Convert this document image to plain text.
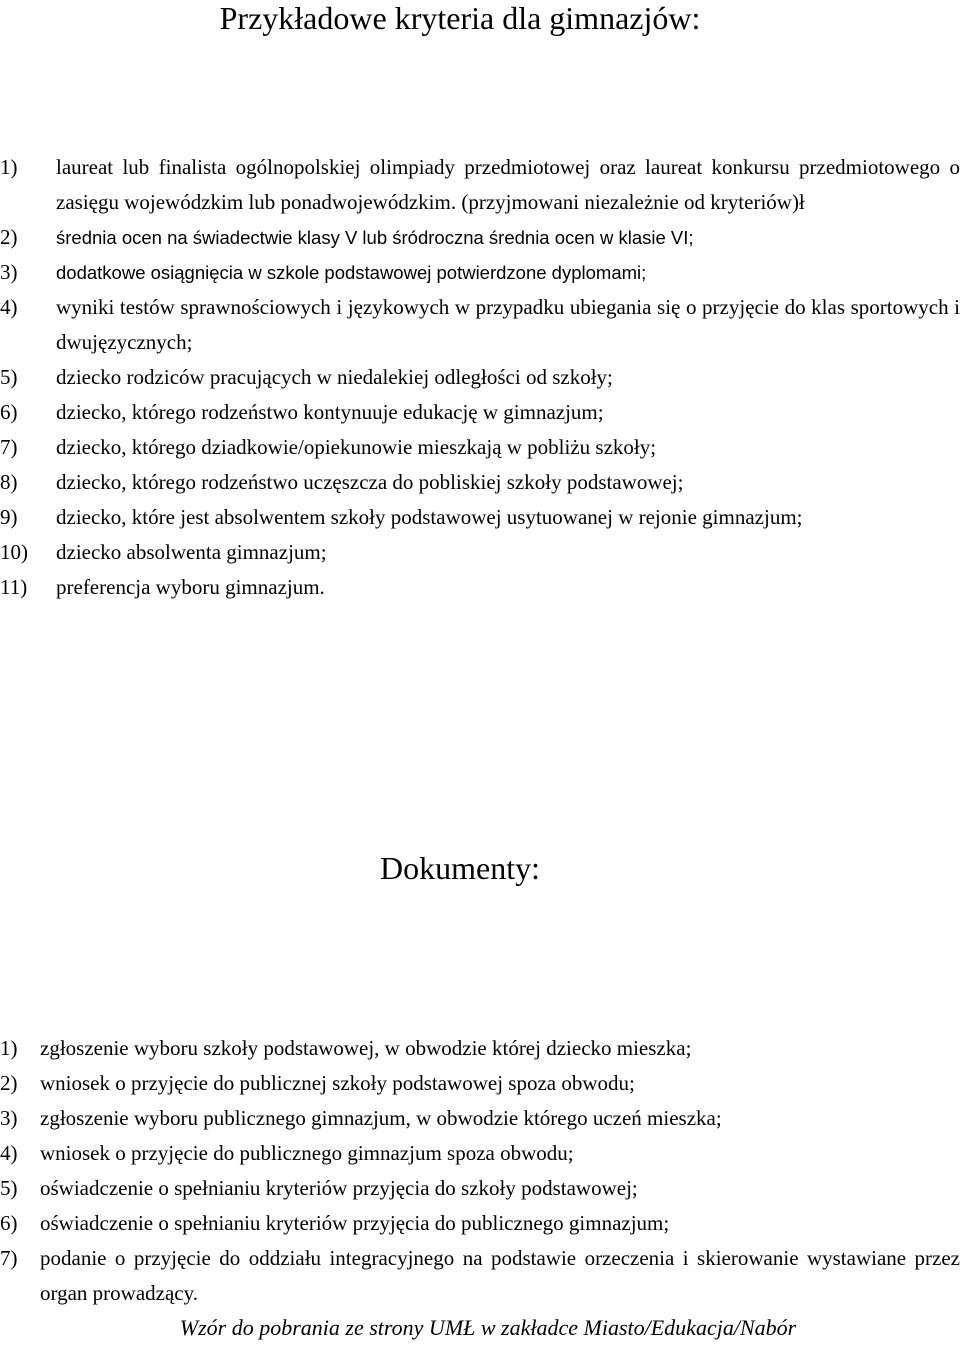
Przykładowe kryteria dla gimnazjów:
1) laureat lub finalista ogólnopolskiej olimpiady przedmiotowej oraz laureat konkursu przedmiotowego o zasięgu wojewódzkim lub ponadwojewódzkim. (przyjmowani niezależnie od kryteriów)ł
2) średnia ocen na świadectwie klasy V lub śródroczna średnia ocen w klasie VI;
3) dodatkowe osiągnięcia w szkole podstawowej potwierdzone dyplomami;
4) wyniki testów sprawnościowych i językowych w przypadku ubiegania się o przyjęcie do klas sportowych i dwujęzycznych;
5) dziecko rodziców pracujących w niedalekiej odległości od szkoły;
6) dziecko, którego rodzeństwo kontynuuje edukację w gimnazjum;
7) dziecko, którego dziadkowie/opiekunowie mieszkają w pobliżu szkoły;
8) dziecko, którego rodzeństwo uczęszcza do pobliskiej szkoły podstawowej;
9) dziecko, które jest absolwentem szkoły podstawowej usytuowanej w rejonie gimnazjum;
10) dziecko absolwenta gimnazjum;
11) preferencja wyboru gimnazjum.
Dokumenty:
1) zgłoszenie wyboru szkoły podstawowej, w obwodzie której dziecko mieszka;
2) wniosek o przyjęcie do publicznej szkoły podstawowej spoza obwodu;
3) zgłoszenie wyboru publicznego gimnazjum, w obwodzie którego uczeń mieszka;
4) wniosek o przyjęcie do publicznego gimnazjum spoza obwodu;
5) oświadczenie o spełnianiu kryteriów przyjęcia do szkoły podstawowej;
6) oświadczenie o spełnianiu kryteriów przyjęcia do publicznego gimnazjum;
7) podanie o przyjęcie do oddziału integracyjnego na podstawie orzeczenia i skierowanie wystawiane przez organ prowadzący.
Wzór do pobrania ze strony UMŁ w zakładce Miasto/Edukacja/Nabór
